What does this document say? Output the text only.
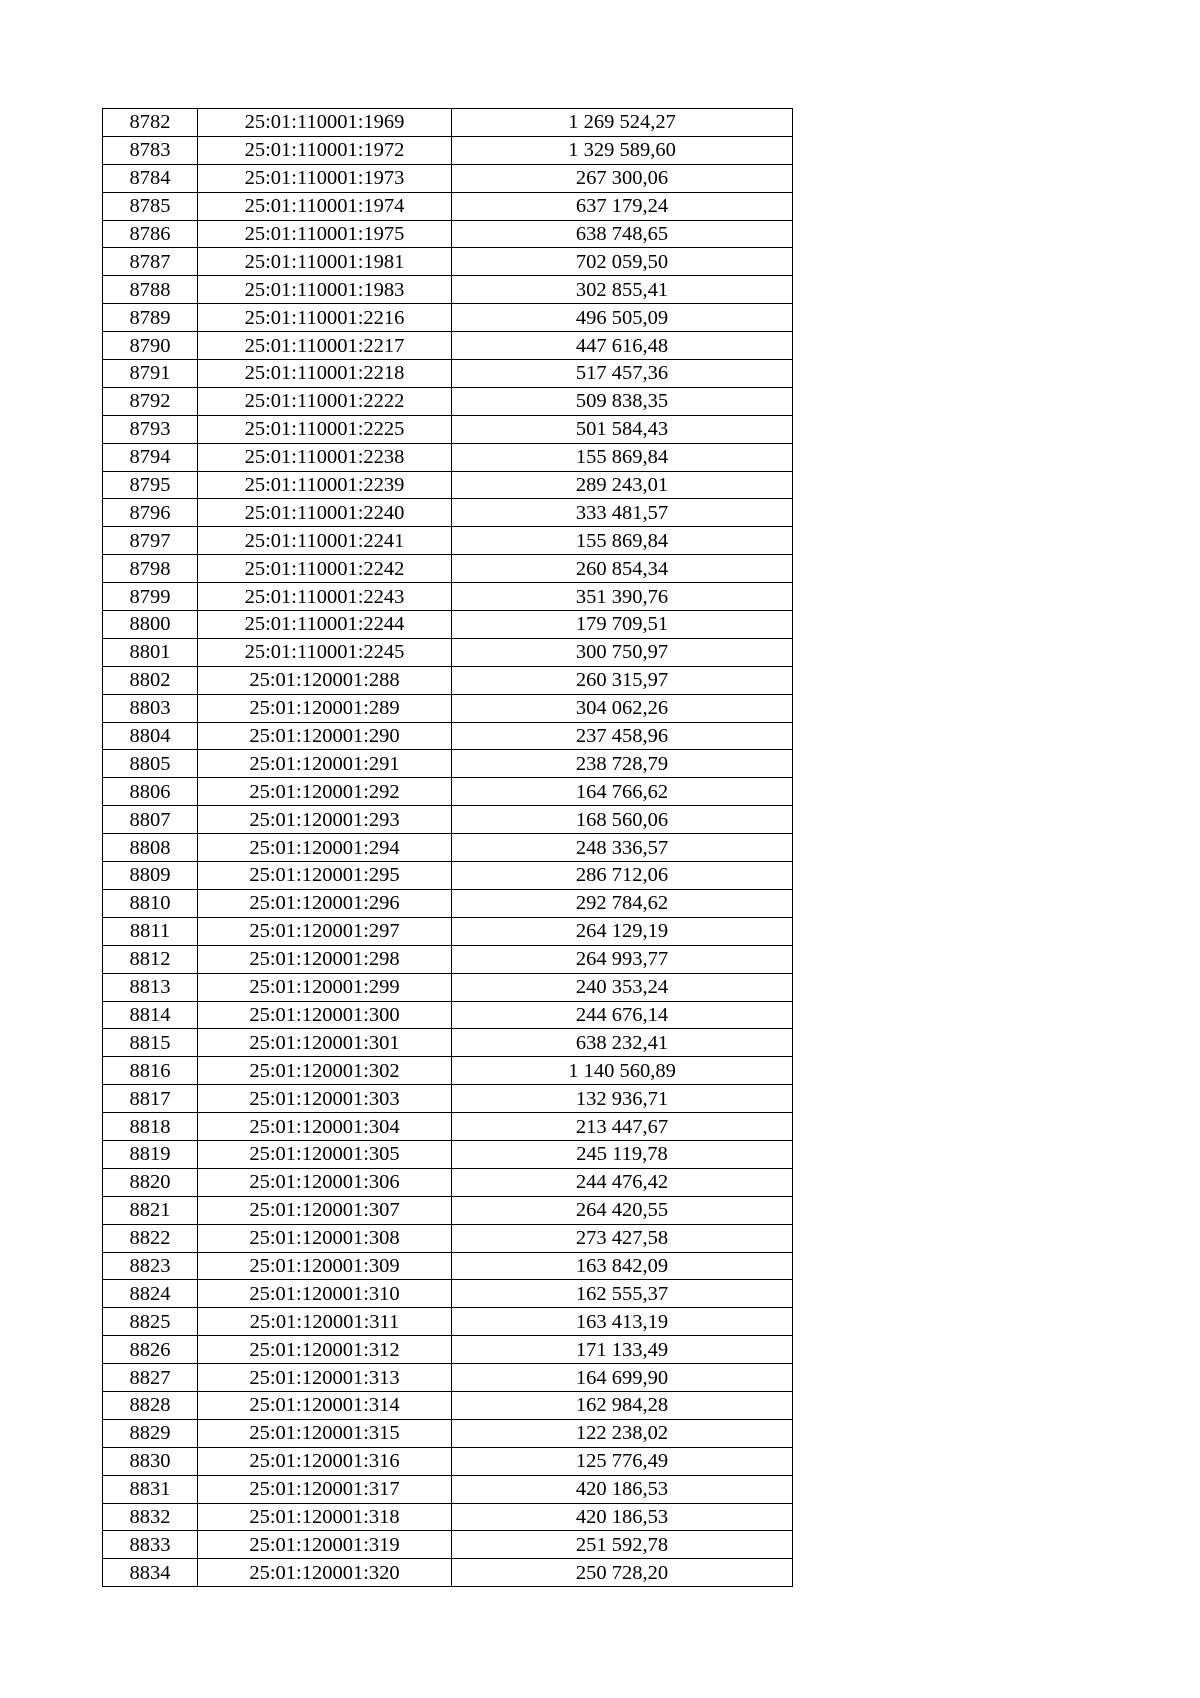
8782	25:01:110001:1969	1 269 524,27
8783	25:01:110001:1972	1 329 589,60
8784	25:01:110001:1973	267 300,06
8785	25:01:110001:1974	637 179,24
8786	25:01:110001:1975	638 748,65
8787	25:01:110001:1981	702 059,50
8788	25:01:110001:1983	302 855,41
8789	25:01:110001:2216	496 505,09
8790	25:01:110001:2217	447 616,48
8791	25:01:110001:2218	517 457,36
8792	25:01:110001:2222	509 838,35
8793	25:01:110001:2225	501 584,43
8794	25:01:110001:2238	155 869,84
8795	25:01:110001:2239	289 243,01
8796	25:01:110001:2240	333 481,57
8797	25:01:110001:2241	155 869,84
8798	25:01:110001:2242	260 854,34
8799	25:01:110001:2243	351 390,76
8800	25:01:110001:2244	179 709,51
8801	25:01:110001:2245	300 750,97
8802	25:01:120001:288	260 315,97
8803	25:01:120001:289	304 062,26
8804	25:01:120001:290	237 458,96
8805	25:01:120001:291	238 728,79
8806	25:01:120001:292	164 766,62
8807	25:01:120001:293	168 560,06
8808	25:01:120001:294	248 336,57
8809	25:01:120001:295	286 712,06
8810	25:01:120001:296	292 784,62
8811	25:01:120001:297	264 129,19
8812	25:01:120001:298	264 993,77
8813	25:01:120001:299	240 353,24
8814	25:01:120001:300	244 676,14
8815	25:01:120001:301	638 232,41
8816	25:01:120001:302	1 140 560,89
8817	25:01:120001:303	132 936,71
8818	25:01:120001:304	213 447,67
8819	25:01:120001:305	245 119,78
8820	25:01:120001:306	244 476,42
8821	25:01:120001:307	264 420,55
8822	25:01:120001:308	273 427,58
8823	25:01:120001:309	163 842,09
8824	25:01:120001:310	162 555,37
8825	25:01:120001:311	163 413,19
8826	25:01:120001:312	171 133,49
8827	25:01:120001:313	164 699,90
8828	25:01:120001:314	162 984,28
8829	25:01:120001:315	122 238,02
8830	25:01:120001:316	125 776,49
8831	25:01:120001:317	420 186,53
8832	25:01:120001:318	420 186,53
8833	25:01:120001:319	251 592,78
8834	25:01:120001:320	250 728,20
